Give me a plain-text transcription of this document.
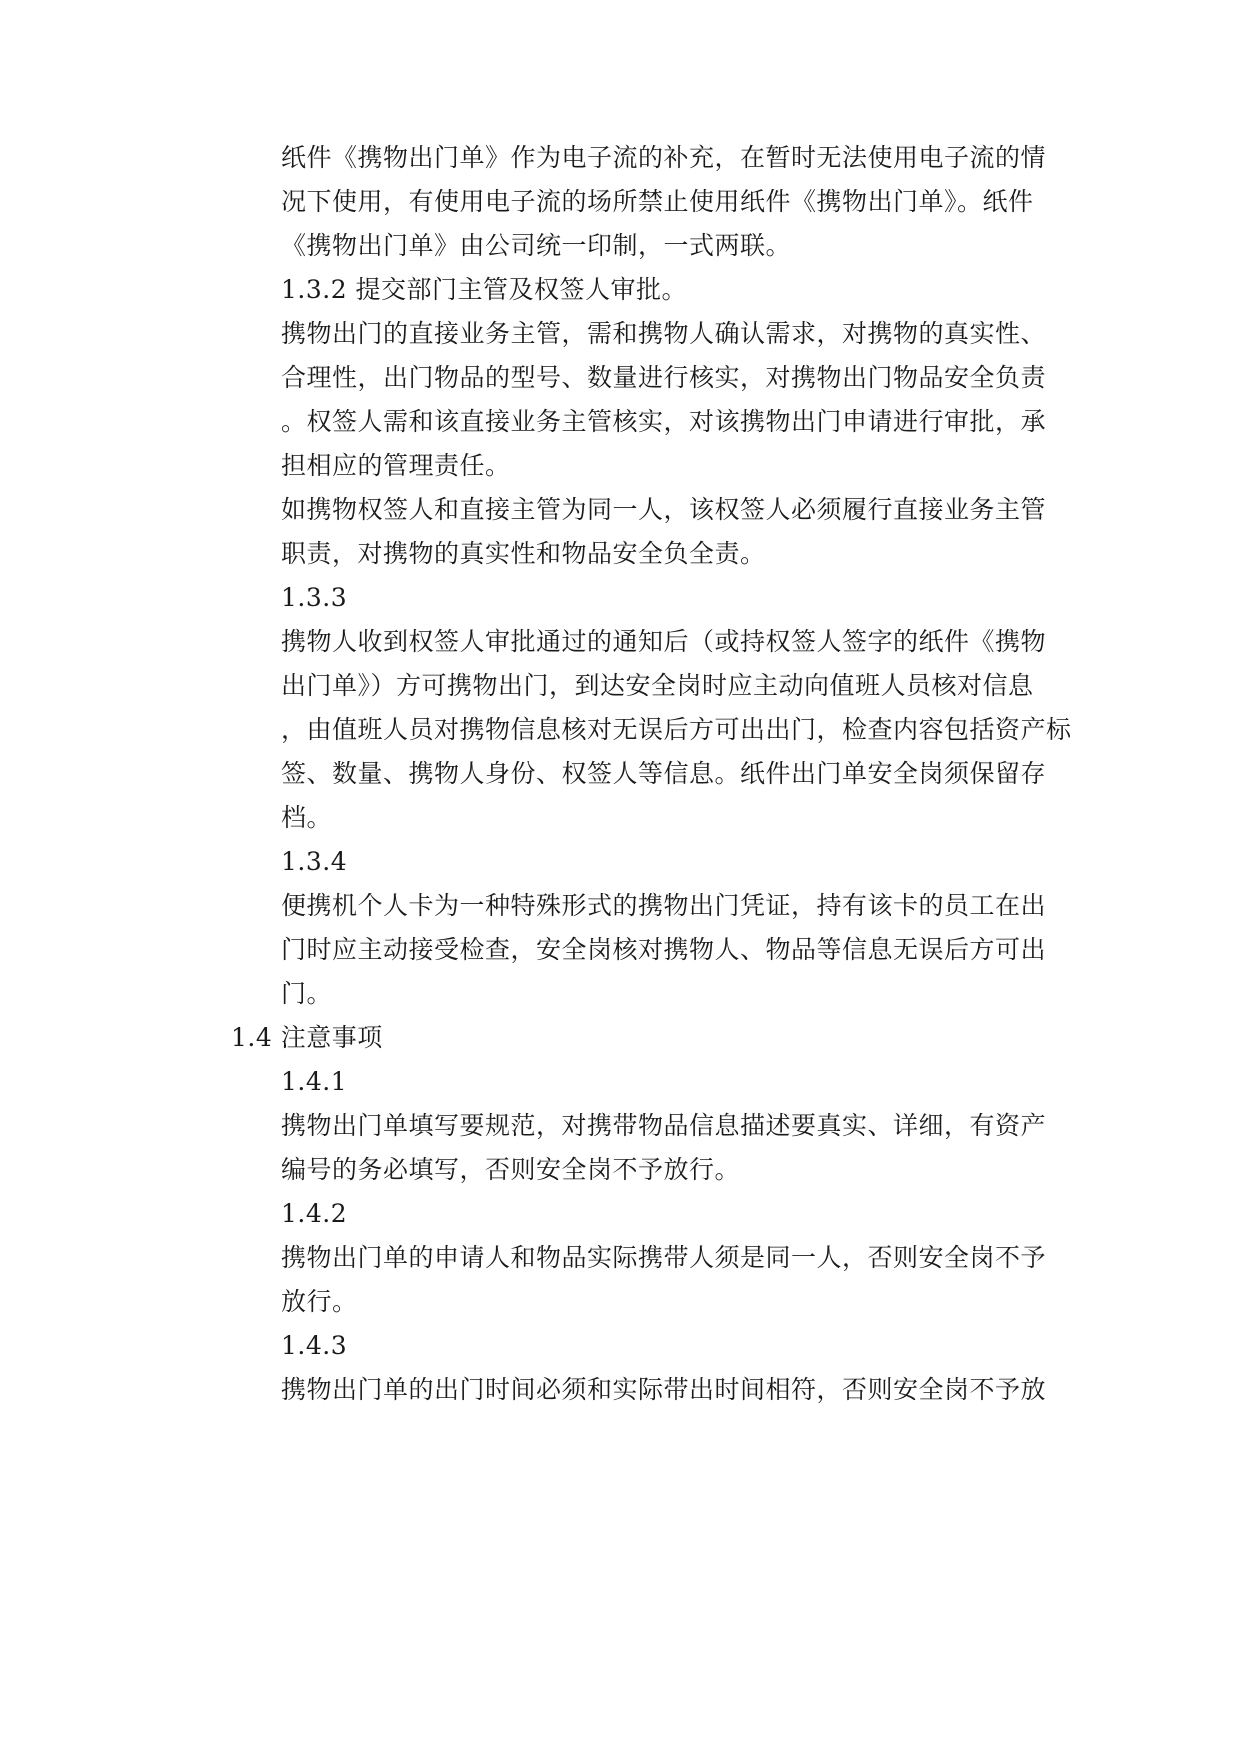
纸件《携物出门单》作为电子流的补充，在暂时无法使用电子流的情
况下使用，有使用电子流的场所禁止使用纸件《携物出门单》。纸件
《携物出门单》由公司统一印制，一式两联。
1.3.2 提交部门主管及权签人审批。
携物出门的直接业务主管，需和携物人确认需求，对携物的真实性、
合理性，出门物品的型号、数量进行核实，对携物出门物品安全负责
。权签人需和该直接业务主管核实，对该携物出门申请进行审批，承
担相应的管理责任。
如携物权签人和直接主管为同一人，该权签人必须履行直接业务主管
职责，对携物的真实性和物品安全负全责。
1.3.3
携物人收到权签人审批通过的通知后（或持权签人签字的纸件《携物
出门单》）方可携物出门，到达安全岗时应主动向值班人员核对信息
，由值班人员对携物信息核对无误后方可出出门，检查内容包括资产标
签、数量、携物人身份、权签人等信息。纸件出门单安全岗须保留存
档。
1.3.4
便携机个人卡为一种特殊形式的携物出门凭证，持有该卡的员工在出
门时应主动接受检查，安全岗核对携物人、物品等信息无误后方可出
门。
1.4 注意事项
1.4.1
携物出门单填写要规范，对携带物品信息描述要真实、详细，有资产
编号的务必填写，否则安全岗不予放行。
1.4.2
携物出门单的申请人和物品实际携带人须是同一人，否则安全岗不予
放行。
1.4.3
携物出门单的出门时间必须和实际带出时间相符，否则安全岗不予放
